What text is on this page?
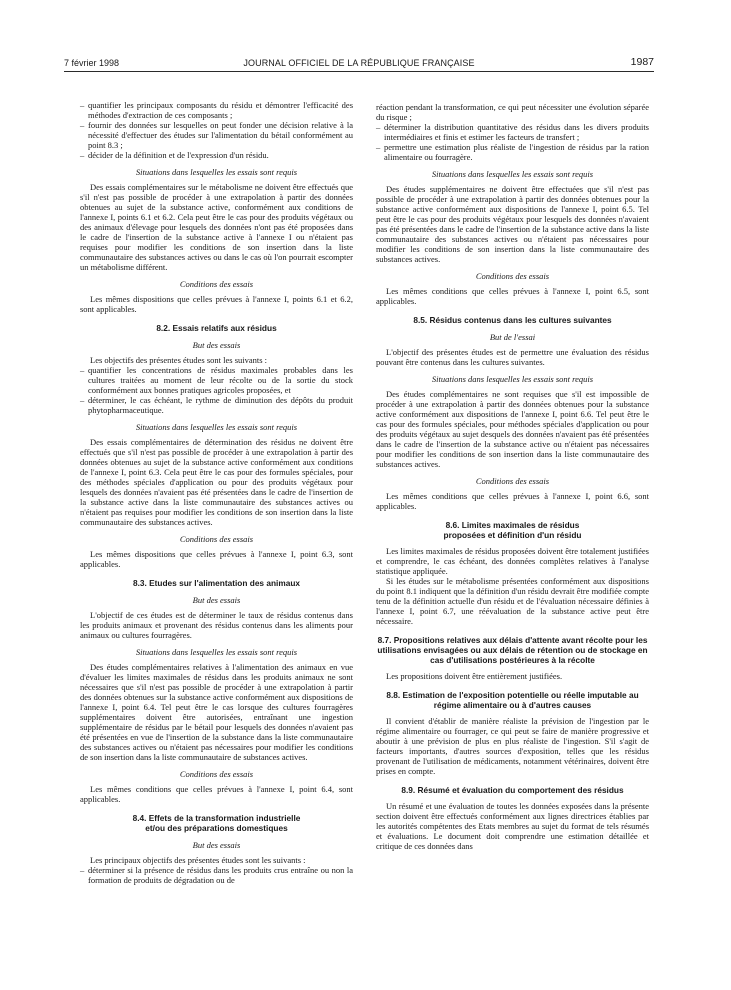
7 février 1998	JOURNAL OFFICIEL DE LA RÉPUBLIQUE FRANÇAISE	1987
– quantifier les principaux composants du résidu et démontrer l'efficacité des méthodes d'extraction de ces composants ;
– fournir des données sur lesquelles on peut fonder une décision relative à la nécessité d'effectuer des études sur l'alimentation du bétail conformément au point 8.3 ;
– décider de la définition et de l'expression d'un résidu.
Situations dans lesquelles les essais sont requis

Des essais complémentaires sur le métabolisme ne doivent être effectués que s'il n'est pas possible de procéder à une extrapolation à partir des données obtenues au sujet de la substance active, conformément aux conditions de l'annexe I, points 6.1 et 6.2. Cela peut être le cas pour des produits végétaux ou des animaux d'élevage pour lesquels des données n'ont pas été proposées dans le cadre de l'insertion de la substance active à l'annexe I ou n'étaient pas requises pour modifier les conditions de son insertion dans la liste communautaire des substances actives ou dans le cas où l'on pourrait escompter un métabolisme différent.

Conditions des essais

Les mêmes dispositions que celles prévues à l'annexe I, points 6.1 et 6.2, sont applicables.

8.2. Essais relatifs aux résidus
But des essais

Les objectifs des présentes études sont les suivants :

– quantifier les concentrations de résidus maximales probables dans les cultures traitées au moment de leur récolte ou de la sortie du stock conformément aux bonnes pratiques agricoles proposées, et
– déterminer, le cas échéant, le rythme de diminution des dépôts du produit phytopharmaceutique.
Situations dans lesquelles les essais sont requis

Des essais complémentaires de détermination des résidus ne doivent être effectués que s'il n'est pas possible de procéder à une extrapolation à partir des données obtenues au sujet de la substance active conformément aux conditions de l'annexe I, point 6.3. Cela peut être le cas pour des formules spéciales, pour des méthodes spéciales d'application ou pour des produits végétaux pour lesquels des données n'avaient pas été présentées dans le cadre de l'insertion de la substance active dans la liste communautaire des substances actives ou n'étaient pas requises pour modifier les conditions de son insertion dans la liste communautaire des substances actives.

Conditions des essais

Les mêmes dispositions que celles prévues à l'annexe I, point 6.3, sont applicables.

8.3. Etudes sur l'alimentation des animaux
But des essais

L'objectif de ces études est de déterminer le taux de résidus contenus dans les produits animaux et provenant des résidus contenus dans les aliments pour animaux ou cultures fourragères.

Situations dans lesquelles les essais sont requis

Des études complémentaires relatives à l'alimentation des animaux en vue d'évaluer les limites maximales de résidus dans les produits animaux ne sont nécessaires que s'il n'est pas possible de procéder à une extrapolation à partir des données obtenues sur la substance active conformément aux dispositions de l'annexe I, point 6.4. Tel peut être le cas lorsque des cultures fourragères supplémentaires doivent être autorisées, entraînant une ingestion supplémentaire de résidus par le bétail pour lesquels des données n'avaient pas été présentées en vue de l'insertion de la substance dans la liste communautaire des substances actives ou n'étaient pas nécessaires pour modifier les conditions de son insertion dans la liste communautaire de substances actives.

Conditions des essais

Les mêmes conditions que celles prévues à l'annexe I, point 6.4, sont applicables.

8.4. Effets de la transformation industrielle
et/ou des préparations domestiques
But des essais

Les principaux objectifs des présentes études sont les suivants :

– déterminer si la présence de résidus dans les produits crus entraîne ou non la formation de produits de dégradation ou de

réaction pendant la transformation, ce qui peut nécessiter une évolution séparée du risque ;

– déterminer la distribution quantitative des résidus dans les divers produits intermédiaires et finis et estimer les facteurs de transfert ;
– permettre une estimation plus réaliste de l'ingestion de résidus par la ration alimentaire ou fourragère.
Situations dans lesquelles les essais sont requis

Des études supplémentaires ne doivent être effectuées que s'il n'est pas possible de procéder à une extrapolation à partir des données obtenues pour la substance active conformément aux dispositions de l'annexe I, point 6.5. Tel peut être le cas pour des produits végétaux pour lesquels des données n'avaient pas été présentées dans le cadre de l'insertion de la substance active dans la liste communautaire des substances actives ou n'étaient pas nécessaires pour modifier les conditions de son insertion dans la liste communautaire des substances actives.

Conditions des essais

Les mêmes conditions que celles prévues à l'annexe I, point 6.5, sont applicables.

8.5. Résidus contenus dans les cultures suivantes
But de l'essai

L'objectif des présentes études est de permettre une évaluation des résidus pouvant être contenus dans les cultures suivantes.

Situations dans lesquelles les essais sont requis

Des études complémentaires ne sont requises que s'il est impossible de procéder à une extrapolation à partir des données obtenues pour la substance active conformément aux dispositions de l'annexe I, point 6.6. Tel peut être le cas pour des formules spéciales, pour méthodes spéciales d'application ou pour des produits végétaux au sujet desquels des données n'avaient pas été présentées dans le cadre de l'insertion de la substance active ou n'étaient pas nécessaires pour modifier les conditions de son insertion dans la liste communautaire des substances actives.

Conditions des essais

Les mêmes conditions que celles prévues à l'annexe I, point 6.6, sont applicables.

8.6. Limites maximales de résidus
proposées et définition d'un résidu

Les limites maximales de résidus proposées doivent être totalement justifiées et comprendre, le cas échéant, des données complètes relatives à l'analyse statistique appliquée.

Si les études sur le métabolisme présentées conformément aux dispositions du point 8.1 indiquent que la définition d'un résidu devrait être modifiée compte tenu de la définition actuelle d'un résidu et de l'évaluation nécessaire définies à l'annexe I, point 6.7, une réévaluation de la substance active peut être nécessaire.

8.7. Propositions relatives aux délais d'attente avant récolte pour les utilisations envisagées ou aux délais de rétention ou de stockage en cas d'utilisations postérieures à la récolte

Les propositions doivent être entièrement justifiées.

8.8. Estimation de l'exposition potentielle ou réelle imputable au régime alimentaire ou à d'autres causes

Il convient d'établir de manière réaliste la prévision de l'ingestion par le régime alimentaire ou fourrager, ce qui peut se faire de manière progressive et aboutir à une prévision de plus en plus réaliste de l'ingestion. S'il s'agit de facteurs importants, d'autres sources d'exposition, telles que les résidus provenant de l'utilisation de médicaments, notamment vétérinaires, doivent être prises en compte.

8.9. Résumé et évaluation du comportement des résidus

Un résumé et une évaluation de toutes les données exposées dans la présente section doivent être effectués conformément aux lignes directrices établies par les autorités compétentes des Etats membres au sujet du format de tels résumés et évaluations. Le document doit comprendre une estimation détaillée et critique de ces données dans
